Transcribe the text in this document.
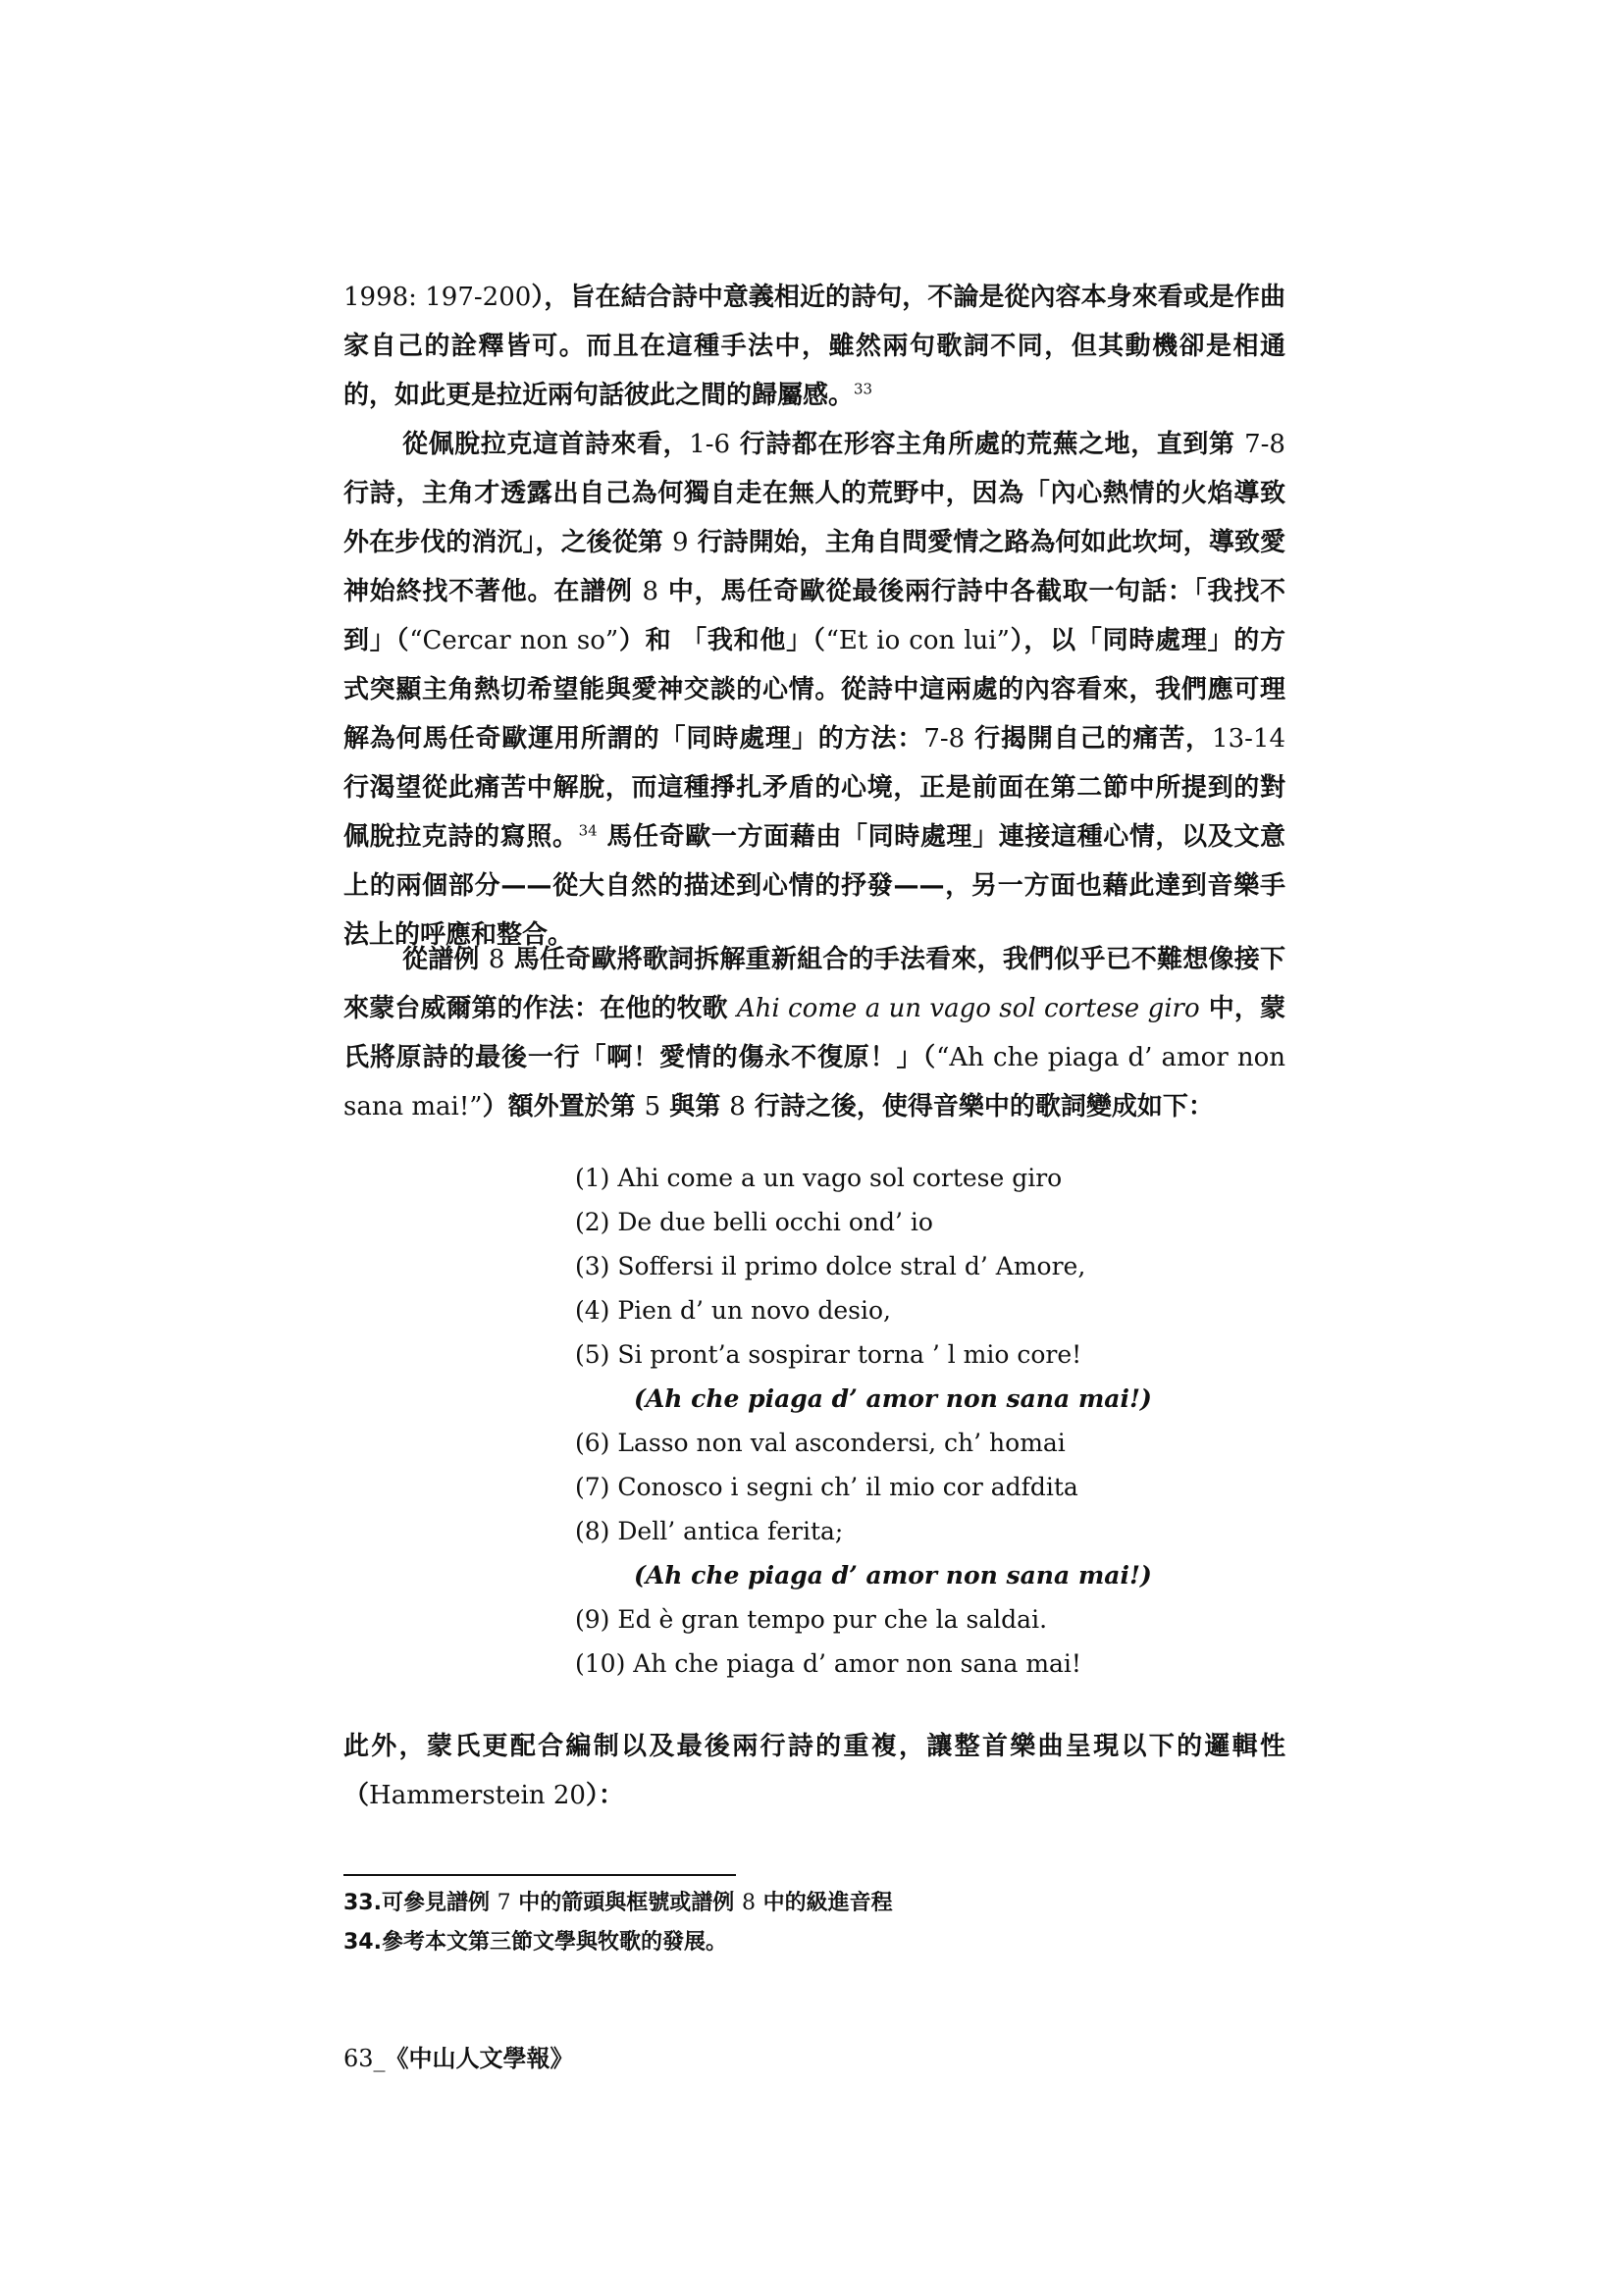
1998: 197-200），旨在結合詩中意義相近的詩句，不論是從內容本身來看或是作曲家自己的詮釋皆可。而且在這種手法中，雖然兩句歌詞不同，但其動機卻是相通的，如此更是拉近兩句話彼此之間的歸屬感。$^{33}$
從佩脫拉克這首詩來看，1-6 行詩都在形容主角所處的荒蕪之地，直到第 7-8 行詩，主角才透露出自己為何獨自走在無人的荒野中，因為「內心熱情的火焰導致外在步伐的消沉」，之後從第 9 行詩開始，主角自問愛情之路為何如此坎坷，導致愛神始終找不著他。在譜例 8 中，馬任奇歐從最後兩行詩中各截取一句話：「我找不到」（“Cercar non so”）和 「我和他」（“Et io con lui”），以「同時處理」的方式突顯主角熱切希望能與愛神交談的心情。從詩中這兩處的內容看來，我們應可理解為何馬任奇歐運用所謂的「同時處理」的方法：7-8 行揭開自己的痛苦，13-14 行渴望從此痛苦中解脫，而這種掙扎矛盾的心境，正是前面在第二節中所提到的對佩脫拉克詩的寫照。$^{34}$ 馬任奇歐一方面藉由「同時處理」連接這種心情，以及文意上的兩個部分——從大自然的描述到心情的抒發——，另一方面也藉此達到音樂手法上的呼應和整合。
從譜例 8 馬任奇歐將歌詞拆解重新組合的手法看來，我們似乎已不難想像接下來蒙台威爾第的作法：在他的牧歌 Ahi come a un vago sol cortese giro 中，蒙氏將原詩的最後一行「啊！愛情的傷永不復原！」（“Ah che piaga d’ amor non sana mai!”）額外置於第 5 與第 8 行詩之後，使得音樂中的歌詞變成如下：
(1) Ahi come a un vago sol cortese giro
(2) De due belli occhi ond’ io
(3) Soffersi il primo dolce stral d’ Amore,
(4) Pien d’ un novo desio,
(5) Si pront’a sospirar torna ’ l mio core!
(Ah che piaga d’ amor non sana mai!)
(6) Lasso non val ascondersi, ch’ homai
(7) Conosco i segni ch’ il mio cor adfdita
(8) Dell’ antica ferita;
(Ah che piaga d’ amor non sana mai!)
(9) Ed è gran tempo pur che la saldai.
(10) Ah che piaga d’ amor non sana mai!
此外，蒙氏更配合編制以及最後兩行詩的重複，讓整首樂曲呈現以下的邏輯性（Hammerstein 20）：
33.可參見譜例 7 中的箭頭與框號或譜例 8 中的級進音程
34.參考本文第三節文學與牧歌的發展。
63_《中山人文學報》
